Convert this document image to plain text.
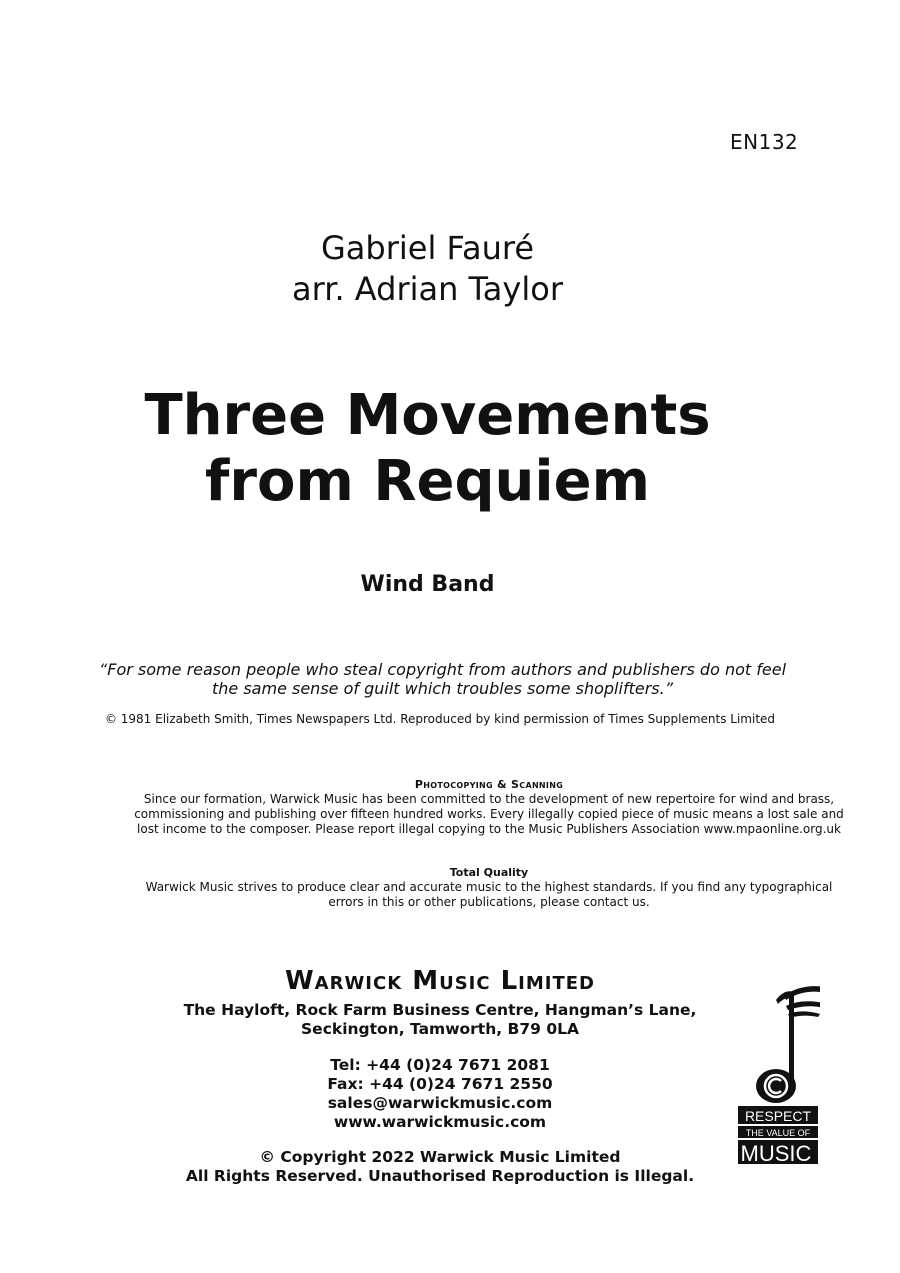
EN132
Gabriel Fauré
arr. Adrian Taylor
Three Movements
from Requiem
Wind Band
“For some reason people who steal copyright from authors and publishers do not feel
the same sense of guilt which troubles some shoplifters.”
© 1981 Elizabeth Smith, Times Newspapers Ltd. Reproduced by kind permission of Times Supplements Limited
Photocopying & Scanning
Since our formation, Warwick Music has been committed to the development of new repertoire for wind and brass,
commissioning and publishing over fifteen hundred works. Every illegally copied piece of music means a lost sale and
lost income to the composer. Please report illegal copying to the Music Publishers Association www.mpaonline.org.uk
Total Quality
Warwick Music strives to produce clear and accurate music to the highest standards. If you find any typographical
errors in this or other publications, please contact us.
Warwick Music Limited
The Hayloft, Rock Farm Business Centre, Hangman’s Lane,
Seckington, Tamworth, B79 0LA
Tel: +44 (0)24 7671 2081
Fax: +44 (0)24 7671 2550
sales@warwickmusic.com
www.warwickmusic.com
© Copyright 2022 Warwick Music Limited
All Rights Reserved. Unauthorised Reproduction is Illegal.
RESPECT
THE VALUE OF
MUSIC
